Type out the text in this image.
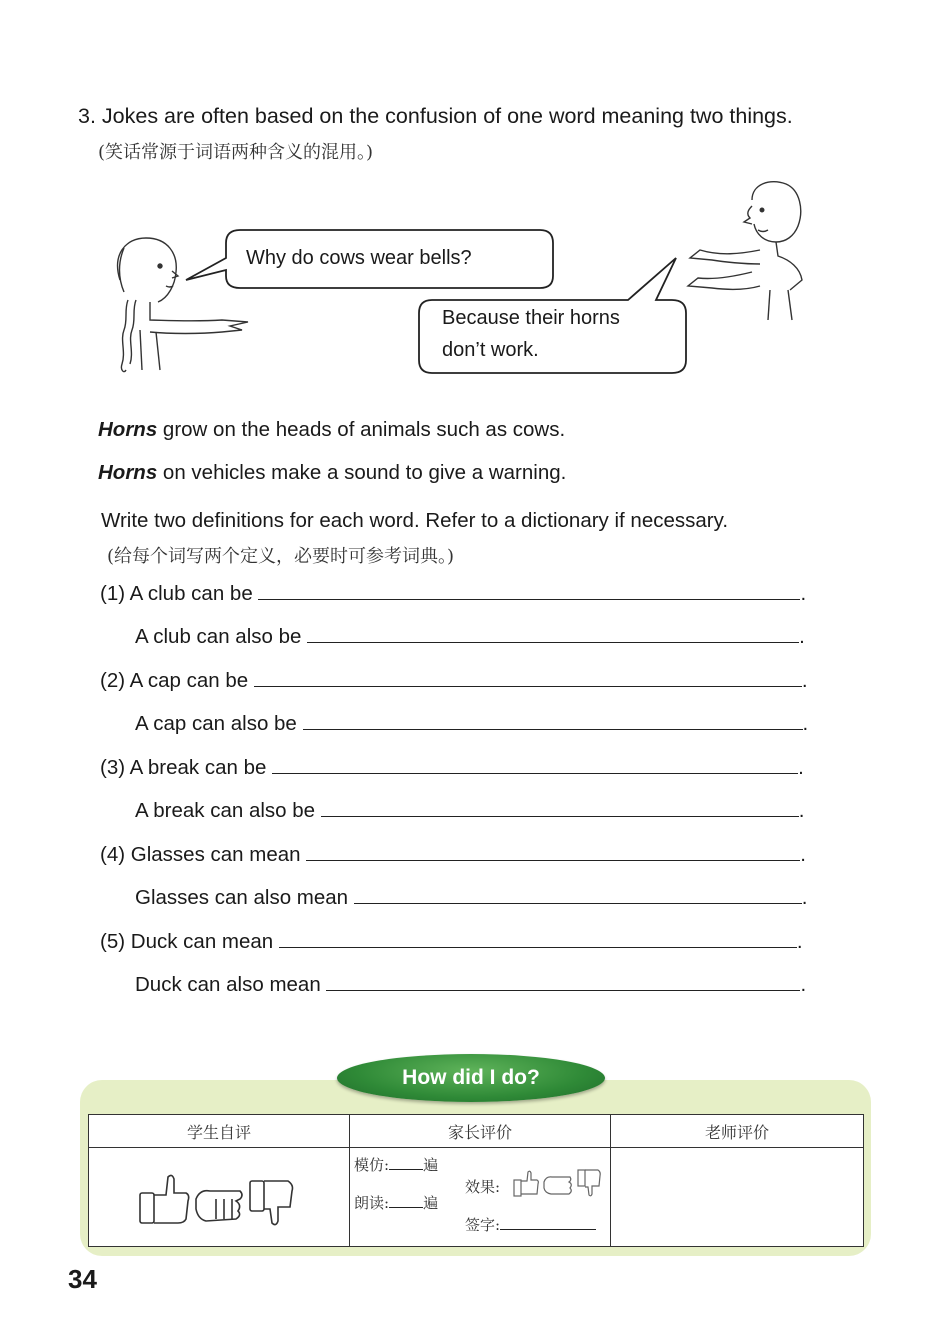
3. Jokes are often based on the confusion of one word meaning two things.
(笑话常源于词语两种含义的混用。)
Why do cows wear bells?
Because their horns
don’t work.
Horns grow on the heads of animals such as cows.
Horns on vehicles make a sound to give a warning.
Write two definitions for each word. Refer to a dictionary if necessary.
(给每个词写两个定义，必要时可参考词典。)
(1) A club can be	.
A club can also be	.
(2) A cap can be	.
A cap can also be	.
(3) A break can be	.
A break can also be	.
(4) Glasses can mean	.
Glasses can also mean	.
(5) Duck can mean	.
Duck can also mean	.
How did I do?
学生自评	家长评价	老师评价

模仿: 遍
朗读: 遍
效果:
签字:	

34
